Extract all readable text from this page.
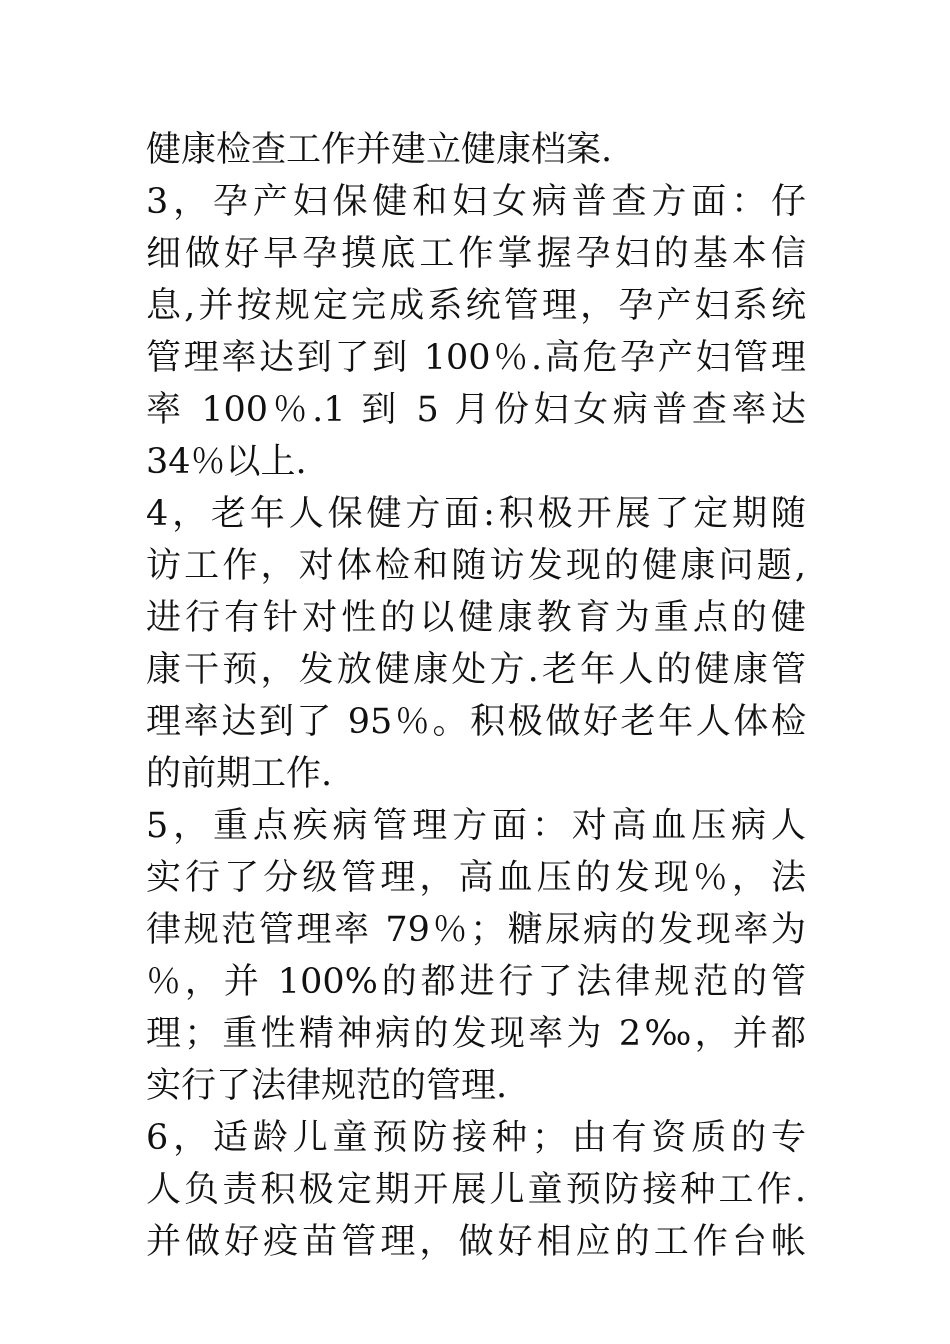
健康检查工作并建立健康档案.
3，孕产妇保健和妇女病普查方面：仔
细做好早孕摸底工作掌握孕妇的基本信
息,并按规定完成系统管理，孕产妇系统
管理率达到了到 100％.高危孕产妇管理
率 100％.1 到 5 月份妇女病普查率达
34％以上.
4，老年人保健方面:积极开展了定期随
访工作，对体检和随访发现的健康问题,
进行有针对性的以健康教育为重点的健
康干预，发放健康处方.老年人的健康管
理率达到了 95％。积极做好老年人体检
的前期工作.
5，重点疾病管理方面：对高血压病人
实行了分级管理，高血压的发现％，法
律规范管理率 79％；糖尿病的发现率为
％，并 100%的都进行了法律规范的管
理；重性精神病的发现率为 2‰，并都
实行了法律规范的管理.
6，适龄儿童预防接种；由有资质的专
人负责积极定期开展儿童预防接种工作.
并做好疫苗管理，做好相应的工作台帐
